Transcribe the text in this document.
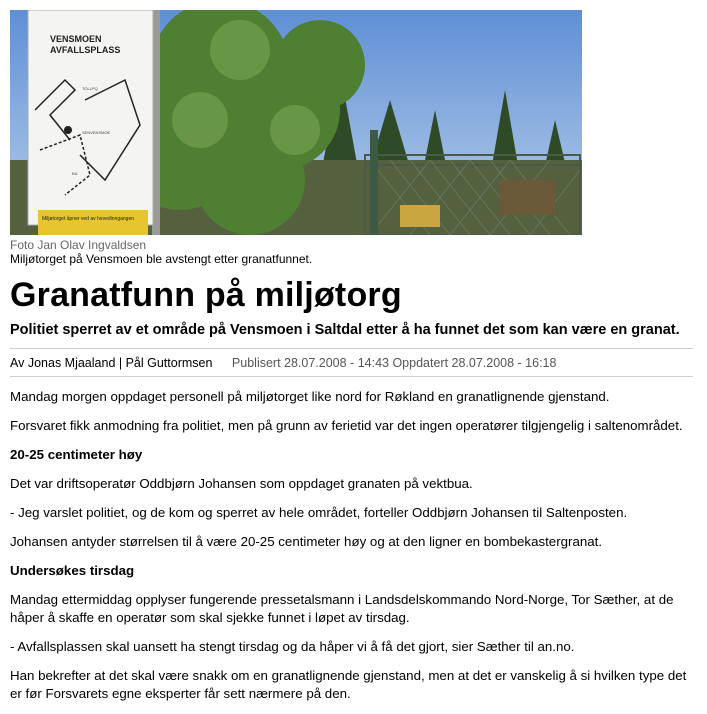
VENSMOEN
AVFALLSPLASS
TOLLPQ
SENVENSMOE
BIL
Miljøtorget åpner ved av hovedinngangen
Foto Jan Olav Ingvaldsen
Miljøtorget på Vensmoen ble avstengt etter granatfunnet.
Granatfunn på miljøtorg

Politiet sperret av et område på Vensmoen i Saltdal etter å ha funnet det som kan være en granat.

Av Jonas Mjaaland | Pål Guttormsen Publisert 28.07.2008 - 14:43 Oppdatert 28.07.2008 - 16:18

Mandag morgen oppdaget personell på miljøtorget like nord for Røkland en granatlignende gjenstand.

Forsvaret fikk anmodning fra politiet, men på grunn av ferietid var det ingen operatører tilgjengelig i saltenområdet.

20-25 centimeter høy

Det var driftsoperatør Oddbjørn Johansen som oppdaget granaten på vektbua.

- Jeg varslet politiet, og de kom og sperret av hele området, forteller Oddbjørn Johansen til Saltenposten.

Johansen antyder størrelsen til å være 20-25 centimeter høy og at den ligner en bombekastergranat.

Undersøkes tirsdag

Mandag ettermiddag opplyser fungerende pressetalsmann i Landsdelskommando Nord-Norge, Tor Sæther, at de håper å skaffe en operatør som skal sjekke funnet i løpet av tirsdag.

- Avfallsplassen skal uansett ha stengt tirsdag og da håper vi å få det gjort, sier Sæther til an.no.

Han bekrefter at det skal være snakk om en granatlignende gjenstand, men at det er vanskelig å si hvilken type det er før Forsvarets egne eksperter får sett nærmere på den.
